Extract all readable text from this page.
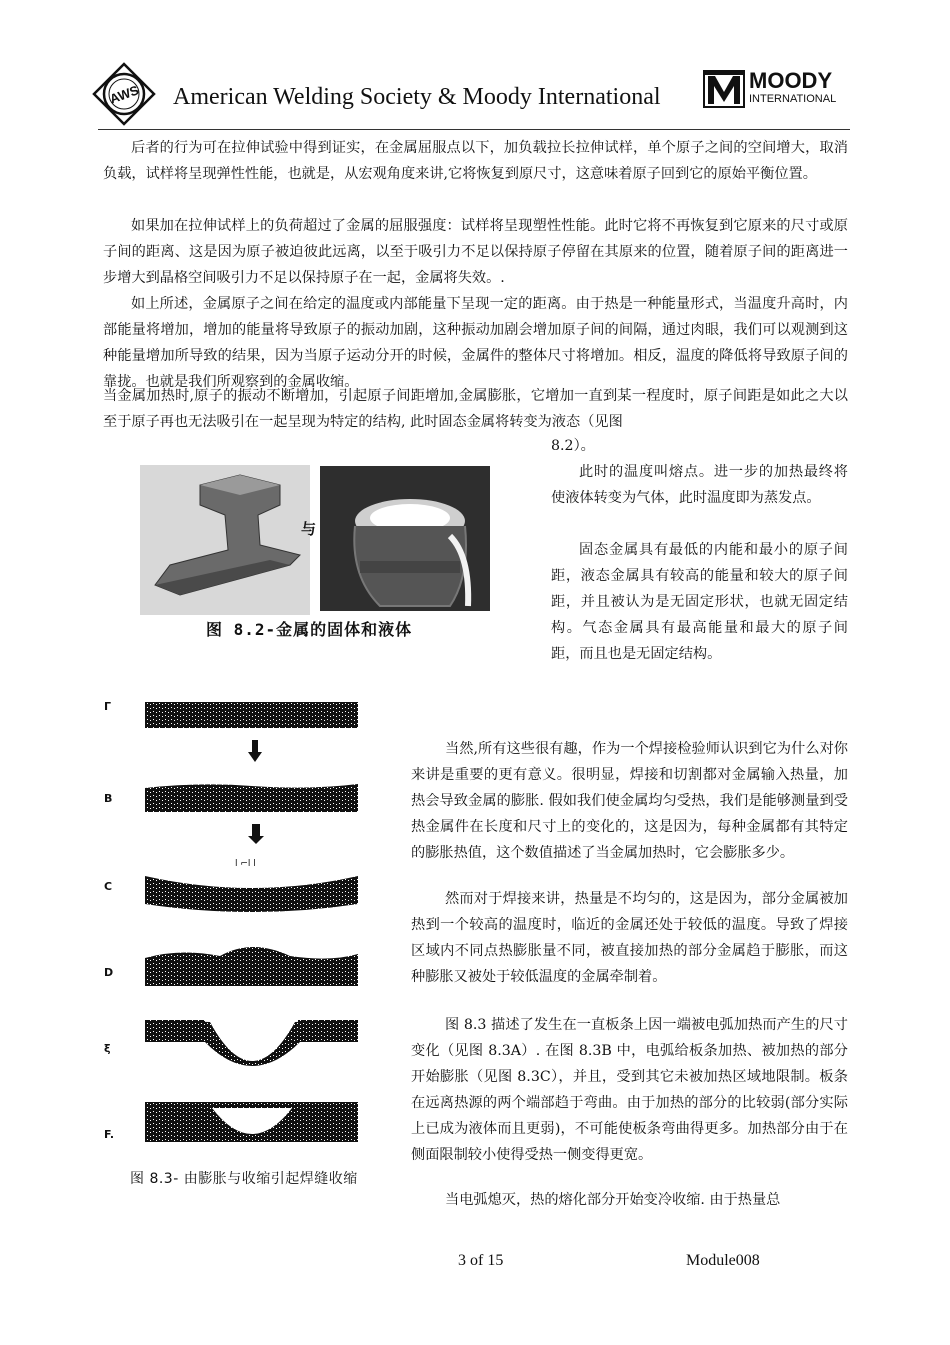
AWS American Welding Society & Moody International
MOODY
INTERNATIONAL
后者的行为可在拉伸试验中得到证实，在金属屈服点以下，加负载拉长拉伸试样，单个原子之间的空间增大，取消负载，试样将呈现弹性性能，也就是，从宏观角度来讲,它将恢复到原尺寸，这意味着原子回到它的原始平衡位置。
如果加在拉伸试样上的负荷超过了金属的屈服强度：试样将呈现塑性性能。此时它将不再恢复到它原来的尺寸或原子间的距离、这是因为原子被迫彼此远离，以至于吸引力不足以保持原子停留在其原来的位置，随着原子间的距离进一步增大到晶格空间吸引力不足以保持原子在一起，金属将失效。.
如上所述，金属原子之间在给定的温度或内部能量下呈现一定的距离。由于热是一种能量形式，当温度升高时，内部能量将增加，增加的能量将导致原子的振动加剧，这种振动加剧会增加原子间的间隔，通过肉眼，我们可以观测到这种能量增加所导致的结果，因为当原子运动分开的时候，金属件的整体尺寸将增加。相反，温度的降低将导致原子间的靠拢。也就是我们所观察到的金属收缩。
当金属加热时,原子的振动不断增加，引起原子间距增加,金属膨胀，它增加一直到某一程度时，原子间距是如此之大以至于原子再也无法吸引在一起呈现为特定的结构, 此时固态金属将转变为液态（见图
8.2）。
与
图 8.2-金属的固体和液体
此时的温度叫熔点。进一步的加热最终将使液体转变为气体，此时温度即为蒸发点。
固态金属具有最低的内能和最小的原子间距，液态金属具有较高的能量和较大的原子间距，并且被认为是无固定形状，也就无固定结构。气态金属具有最高能量和最大的原子间距，而且也是无固定结构。
Γ
B
C
D
ξ
F.
l ⌐l l
图 8.3- 由膨胀与收缩引起焊缝收缩
当然,所有这些很有趣，作为一个焊接检验师认识到它为什么对你来讲是重要的更有意义。很明显，焊接和切割都对金属输入热量，加热会导致金属的膨胀. 假如我们使金属均匀受热，我们是能够测量到受热金属件在长度和尺寸上的变化的，这是因为，每种金属都有其特定的膨胀热值，这个数值描述了当金属加热时，它会膨胀多少。
然而对于焊接来讲，热量是不均匀的，这是因为，部分金属被加热到一个较高的温度时，临近的金属还处于较低的温度。导致了焊接区域内不同点热膨胀量不同，被直接加热的部分金属趋于膨胀，而这种膨胀又被处于较低温度的金属牵制着。
图 8.3 描述了发生在一直板条上因一端被电弧加热而产生的尺寸变化（见图 8.3A）. 在图 8.3B 中，电弧给板条加热、被加热的部分开始膨胀（见图 8.3C），并且，受到其它未被加热区域地限制。板条在远离热源的两个端部趋于弯曲。由于加热的部分的比较弱(部分实际上已成为液体而且更弱)，不可能使板条弯曲得更多。加热部分由于在侧面限制较小使得受热一侧变得更宽。
当电弧熄灭，热的熔化部分开始变冷收缩. 由于热量总
3 of 15	Module008
